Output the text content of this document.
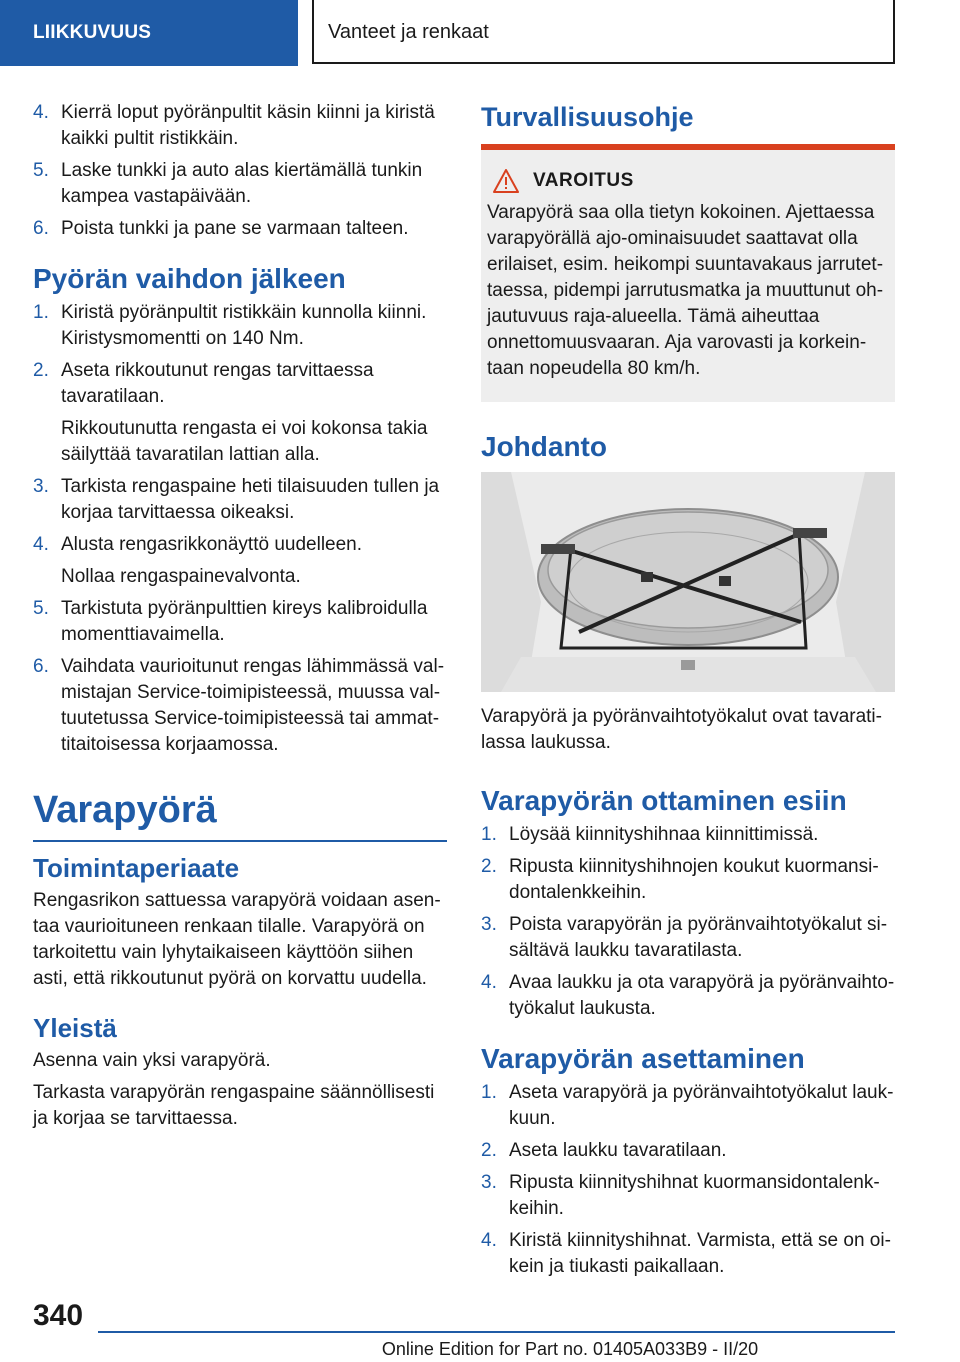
LIIKKUVUUS	Vanteet ja renkaat
4. Kierrä loput pyöränpultit käsin kiinni ja kiristä kaikki pultit ristikkäin.
5. Laske tunkki ja auto alas kiertämällä tunkin kampea vastapäivään.
6. Poista tunkki ja pane se varmaan talteen.
Pyörän vaihdon jälkeen
1. Kiristä pyöränpultit ristikkäin kunnolla kiinni. Kiristysmomentti on 140 Nm.
2. Aseta rikkoutunut rengas tarvittaessa tavaratilaan.
Rikkoutunutta rengasta ei voi kokonsa takia säilyttää tavaratilan lattian alla.
3. Tarkista rengaspaine heti tilaisuuden tullen ja korjaa tarvittaessa oikeaksi.
4. Alusta rengasrikkonäyttö uudelleen.
Nollaa rengaspainevalvonta.
5. Tarkistuta pyöränpulttien kireys kalibroidulla momenttiavaimella.
6. Vaihdata vaurioitunut rengas lähimmässä valmistajan Service-toimipisteessä, muussa valtuutetussa Service-toimipisteessä tai ammattitaitoisessa korjaamossa.
Varapyörä
Toimintaperiaate

Rengasrikon sattuessa varapyörä voidaan asentaa vaurioituneen renkaan tilalle. Varapyörä on tarkoitettu vain lyhytaikaiseen käyttöön siihen asti, että rikkoutunut pyörä on korvattu uudella.

Yleistä

Asenna vain yksi varapyörä.

Tarkasta varapyörän rengaspaine säännöllisesti ja korjaa se tarvittaessa.

Turvallisuusohje
VAROITUS

Varapyörä saa olla tietyn kokoinen. Ajettaessa varapyörällä ajo-ominaisuudet saattavat olla erilaiset, esim. heikompi suuntavakaus jarrutettaessa, pidempi jarrutusmatka ja muuttunut ohjautuvuus raja-alueella. Tämä aiheuttaa onnettomuusvaaran. Aja varovasti ja korkeintaan nopeudella 80 km/h.

Johdanto

Varapyörä ja pyöränvaihtotyökalut ovat tavaratilassa laukussa.

Varapyörän ottaminen esiin
1. Löysää kiinnityshihnaa kiinnittimissä.
2. Ripusta kiinnityshihnojen koukut kuormansidontalenkkeihin.
3. Poista varapyörän ja pyöränvaihtotyökalut sisältävä laukku tavaratilasta.
4. Avaa laukku ja ota varapyörä ja pyöränvaihtotyökalut laukusta.
Varapyörän asettaminen
1. Aseta varapyörä ja pyöränvaihtotyökalut laukkuun.
2. Aseta laukku tavaratilaan.
3. Ripusta kiinnityshihnat kuormansidontalenkkeihin.
4. Kiristä kiinnityshihnat. Varmista, että se on oikein ja tiukasti paikallaan.
340
Online Edition for Part no. 01405A033B9 - II/20
